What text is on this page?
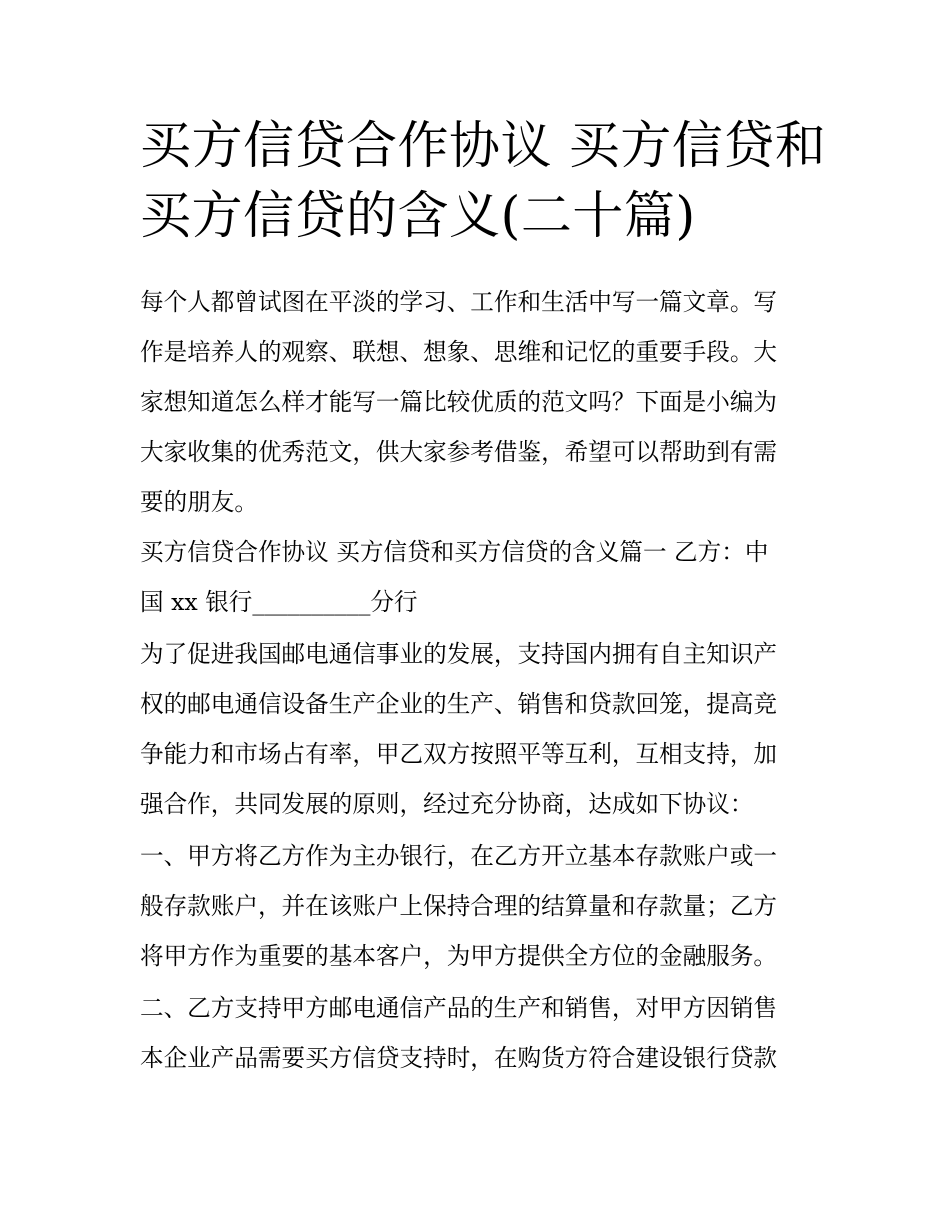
买方信贷合作协议 买方信贷和
买方信贷的含义(二十篇)
每个人都曾试图在平淡的学习、工作和生活中写一篇文章。写
作是培养人的观察、联想、想象、思维和记忆的重要手段。大
家想知道怎么样才能写一篇比较优质的范文吗？下面是小编为
大家收集的优秀范文，供大家参考借鉴，希望可以帮助到有需
要的朋友。
买方信贷合作协议 买方信贷和买方信贷的含义篇一 乙方：中
国 xx 银行__________分行
为了促进我国邮电通信事业的发展，支持国内拥有自主知识产
权的邮电通信设备生产企业的生产、销售和贷款回笼，提高竞
争能力和市场占有率，甲乙双方按照平等互利，互相支持，加
强合作，共同发展的原则，经过充分协商，达成如下协议：
一、甲方将乙方作为主办银行，在乙方开立基本存款账户或一
般存款账户，并在该账户上保持合理的结算量和存款量；乙方
将甲方作为重要的基本客户，为甲方提供全方位的金融服务。
二、乙方支持甲方邮电通信产品的生产和销售，对甲方因销售
本企业产品需要买方信贷支持时，在购货方符合建设银行贷款
